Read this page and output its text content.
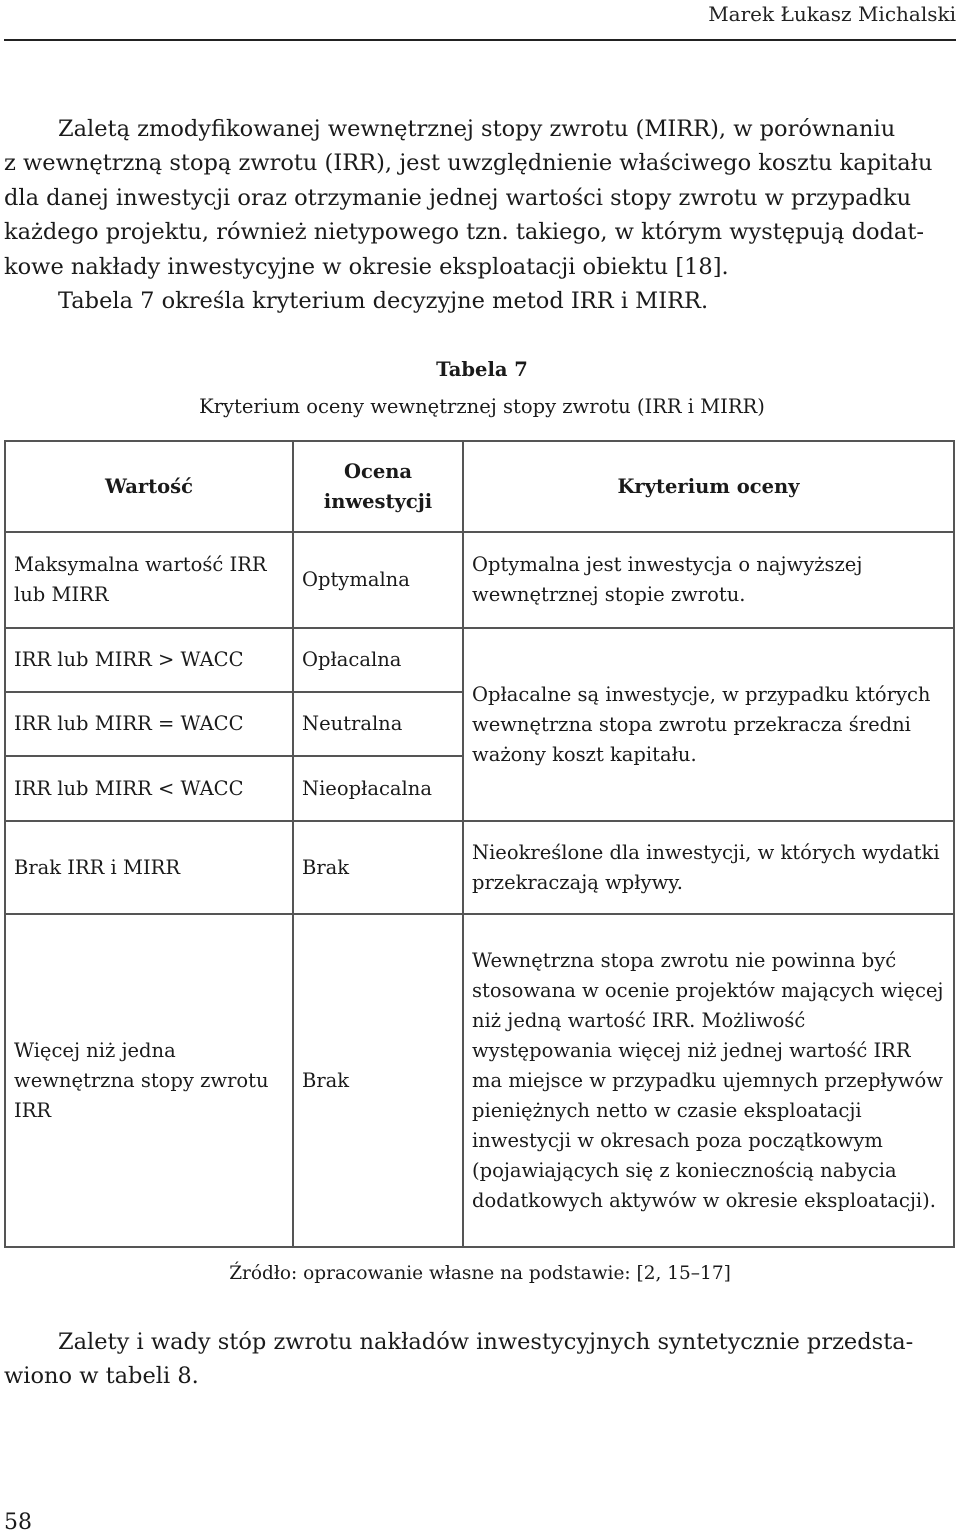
Marek Łukasz Michalski
Zaletą zmodyfikowanej wewnętrznej stopy zwrotu (MIRR), w porównaniu
z wewnętrzną stopą zwrotu (IRR), jest uwzględnienie właściwego kosztu kapitału
dla danej inwestycji oraz otrzymanie jednej wartości stopy zwrotu w przypadku
każdego projektu, również nietypowego tzn. takiego, w którym występują dodat-
kowe nakłady inwestycyjne w okresie eksploatacji obiektu [18].
Tabela 7 określa kryterium decyzyjne metod IRR i MIRR.
Tabela 7
Kryterium oceny wewnętrznej stopy zwrotu (IRR i MIRR)
Wartość	Ocena inwestycji	Kryterium oceny
Maksymalna wartość IRR lub MIRR	Optymalna	Optymalna jest inwestycja o najwyższej wewnętrznej stopie zwrotu.
IRR lub MIRR > WACC	Opłacalna	Opłacalne są inwestycje, w przypadku których wewnętrzna stopa zwrotu przekracza średni ważony koszt kapitału.
IRR lub MIRR = WACC	Neutralna	
IRR lub MIRR < WACC	Nieopłacalna	
Brak IRR i MIRR	Brak	Nieokreślone dla inwestycji, w których wydatki przekraczają wpływy.
Więcej niż jedna wewnętrzna stopy zwrotu IRR	Brak	Wewnętrzna stopa zwrotu nie powinna być stosowana w ocenie projektów mających więcej niż jedną wartość IRR. Możliwość występowania więcej niż jednej wartość IRR ma miejsce w przypadku ujemnych przepływów pieniężnych netto w czasie eksploatacji inwestycji w okresach poza początkowym (pojawiających się z koniecznością nabycia dodatkowych aktywów w okresie eksploatacji).
Źródło: opracowanie własne na podstawie: [2, 15–17]
Zalety i wady stóp zwrotu nakładów inwestycyjnych syntetycznie przedsta-
wiono w tabeli 8.
58
